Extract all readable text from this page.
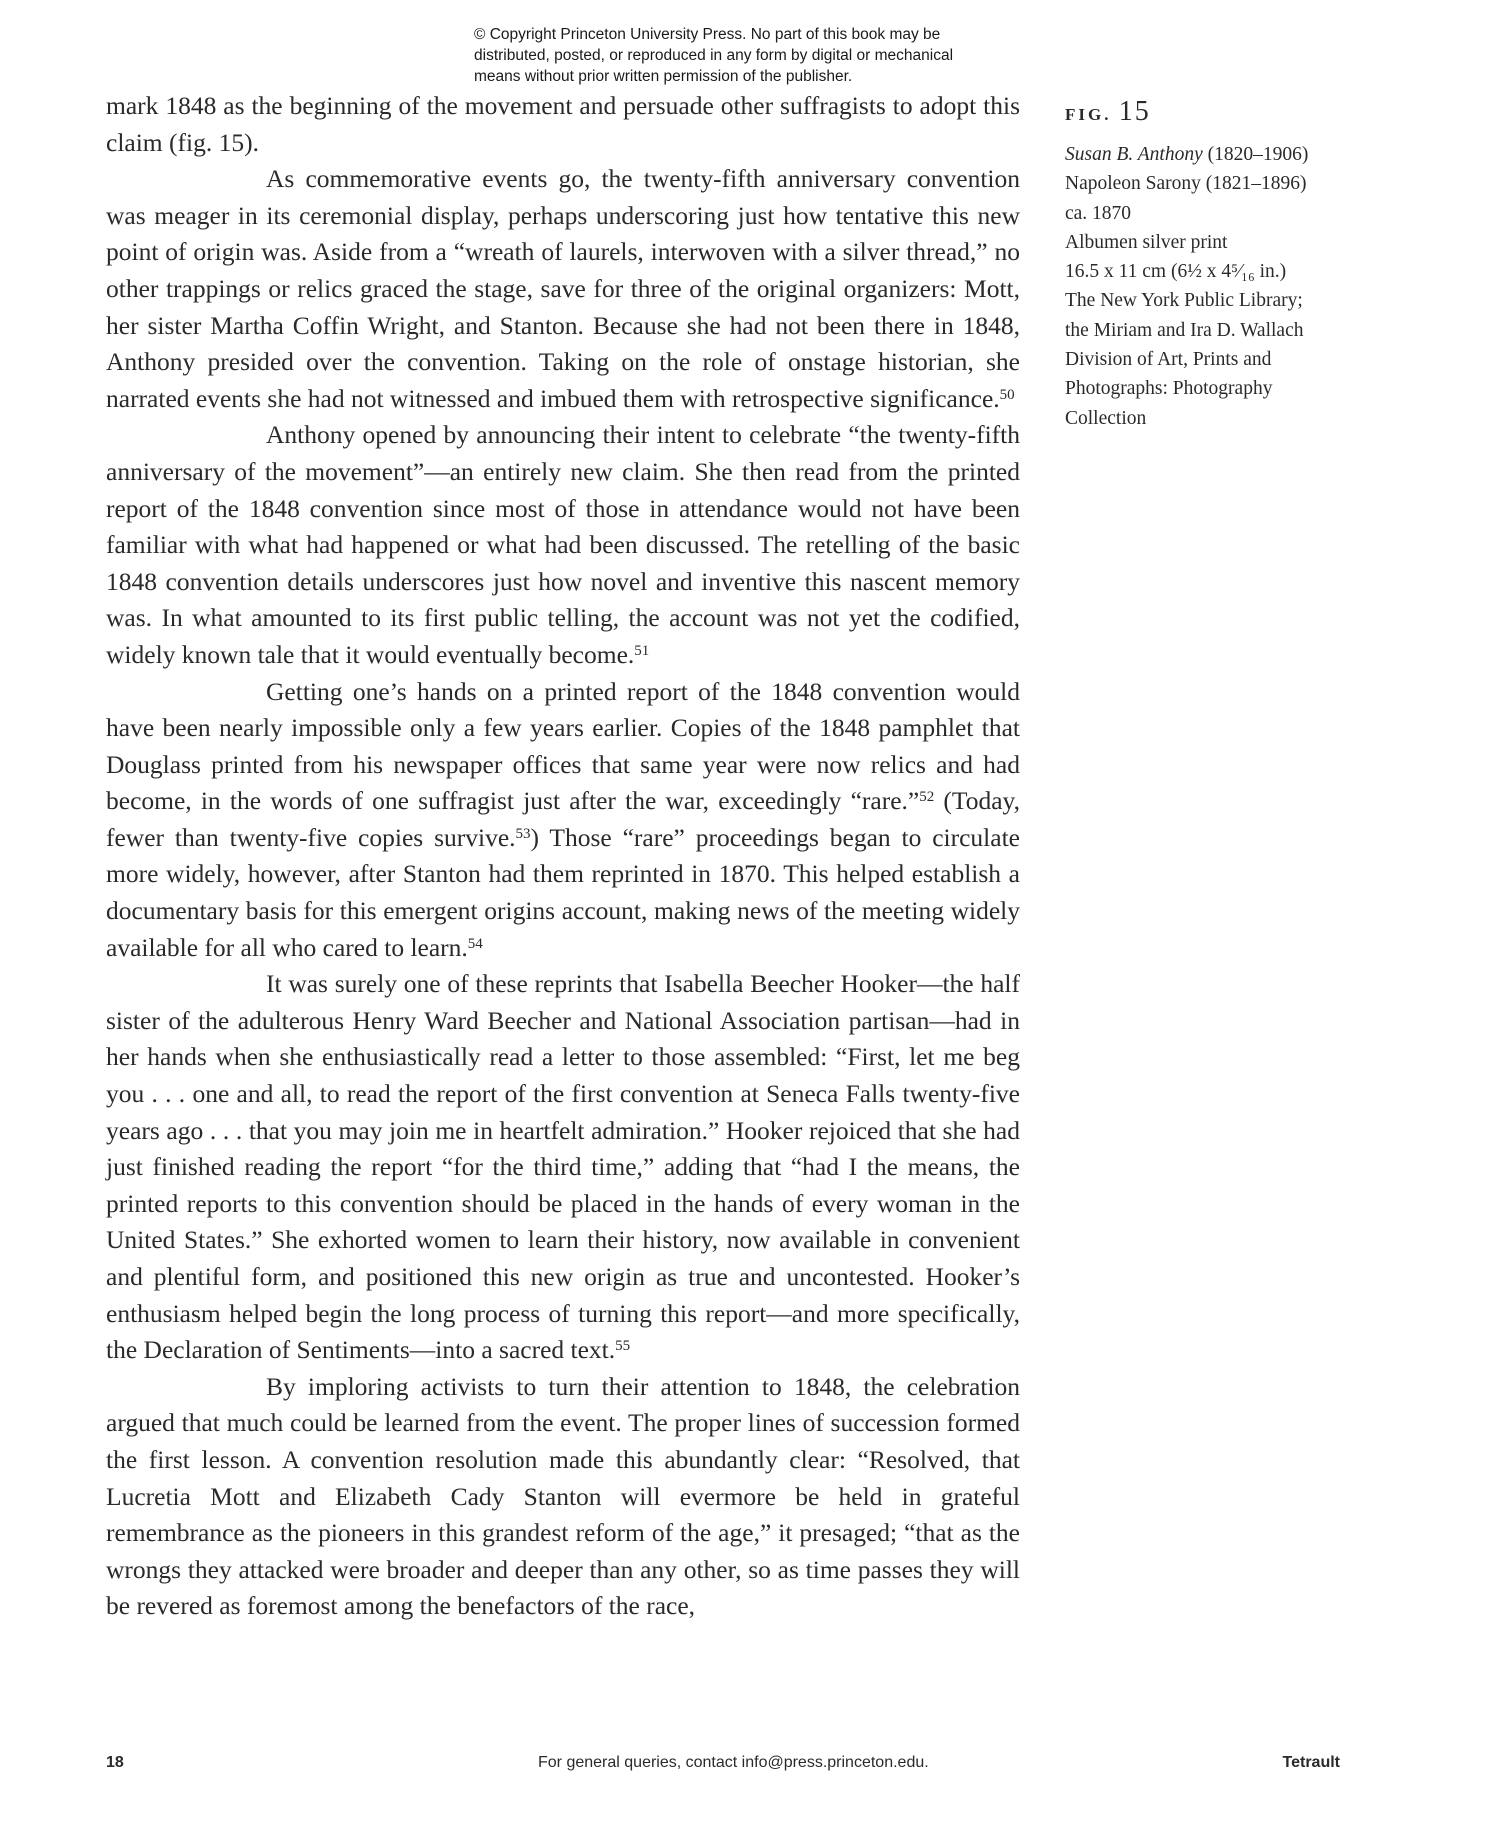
© Copyright Princeton University Press. No part of this book may be
distributed, posted, or reproduced in any form by digital or mechanical
means without prior written permission of the publisher.

mark 1848 as the beginning of the movement and persuade other suffragists to adopt this claim (fig. 15).

As commemorative events go, the twenty-fifth anniversary convention was meager in its ceremonial display, perhaps underscoring just how tentative this new point of origin was. Aside from a “wreath of laurels, interwoven with a silver thread,” no other trappings or relics graced the stage, save for three of the original organizers: Mott, her sister Martha Coffin Wright, and Stanton. Because she had not been there in 1848, Anthony presided over the convention. Taking on the role of onstage historian, she narrated events she had not witnessed and imbued them with retrospective significance.$^{50}$

Anthony opened by announcing their intent to celebrate “the twenty-fifth anniversary of the movement”—an entirely new claim. She then read from the printed report of the 1848 convention since most of those in attendance would not have been familiar with what had happened or what had been discussed. The retelling of the basic 1848 convention details underscores just how novel and inventive this nascent memory was. In what amounted to its first public telling, the account was not yet the codified, widely known tale that it would eventually become.$^{51}$

Getting one’s hands on a printed report of the 1848 convention would have been nearly impossible only a few years earlier. Copies of the 1848 pamphlet that Douglass printed from his newspaper offices that same year were now relics and had become, in the words of one suffragist just after the war, exceedingly “rare.”$^{52}$ (Today, fewer than twenty-five copies survive.$^{53}$) Those “rare” proceedings began to circulate more widely, however, after Stanton had them reprinted in 1870. This helped establish a documentary basis for this emergent origins account, making news of the meeting widely available for all who cared to learn.$^{54}$

It was surely one of these reprints that Isabella Beecher Hooker—the half sister of the adulterous Henry Ward Beecher and National Association partisan—had in her hands when she enthusiastically read a letter to those assembled: “First, let me beg you . . . one and all, to read the report of the first convention at Seneca Falls twenty-five years ago . . . that you may join me in heartfelt admiration.” Hooker rejoiced that she had just finished reading the report “for the third time,” adding that “had I the means, the printed reports to this convention should be placed in the hands of every woman in the United States.” She exhorted women to learn their history, now available in convenient and plentiful form, and positioned this new origin as true and uncontested. Hooker’s enthusiasm helped begin the long process of turning this report—and more specifically, the Declaration of Sentiments—into a sacred text.$^{55}$

By imploring activists to turn their attention to 1848, the celebration argued that much could be learned from the event. The proper lines of succession formed the first lesson. A convention resolution made this abundantly clear: “Resolved, that Lucretia Mott and Elizabeth Cady Stanton will evermore be held in grateful remembrance as the pioneers in this grandest reform of the age,” it presaged; “that as the wrongs they attacked were broader and deeper than any other, so as time passes they will be revered as foremost among the benefactors of the race,

FIG. 15
Susan B. Anthony (1820–1906)
Napoleon Sarony (1821–1896)
ca. 1870
Albumen silver print
16.5 x 11 cm (6½ x 4⁵⁄₁₆ in.)
The New York Public Library;
the Miriam and Ira D. Wallach
Division of Art, Prints and
Photographs: Photography
Collection
18	For general queries, contact info@press.princeton.edu.	Tetrault
